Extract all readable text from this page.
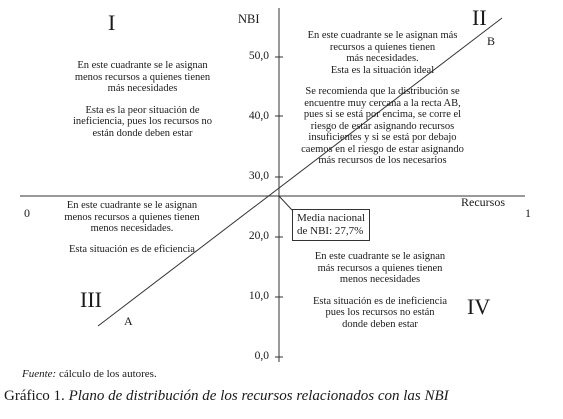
I	II
III	IV
NBI
Recursos
0	1
50,0
40,0
30,0
20,0
10,0
0,0
A
B
En este cuadrante se le asignan
menos recursos a quienes tienen
más necesidades
Esta es la peor situación de
ineficiencia, pues los recursos no
están donde deben estar
En este cuadrante se le asignan más
recursos a quienes tienen
más necesidades.
Esta es la situación ideal
Se recomienda que la distribución se
encuentre muy cercana a la recta AB,
pues si se está por encima, se corre el
riesgo de estar asignando recursos
insuficientes y si se está por debajo
caemos en el riesgo de estar asignando
más recursos de los necesarios
En este cuadrante se le asignan
menos recursos a quienes tienen
menos necesidades.
Esta situación es de eficiencia
En este cuadrante se le asignan
más recursos a quienes tienen
menos necesidades
Esta situación es de ineficiencia
pues los recursos no están
donde deben estar
Media nacional
de NBI: 27,7%
Fuente: cálculo de los autores.
Gráfico 1. Plano de distribución de los recursos relacionados con las NBI
